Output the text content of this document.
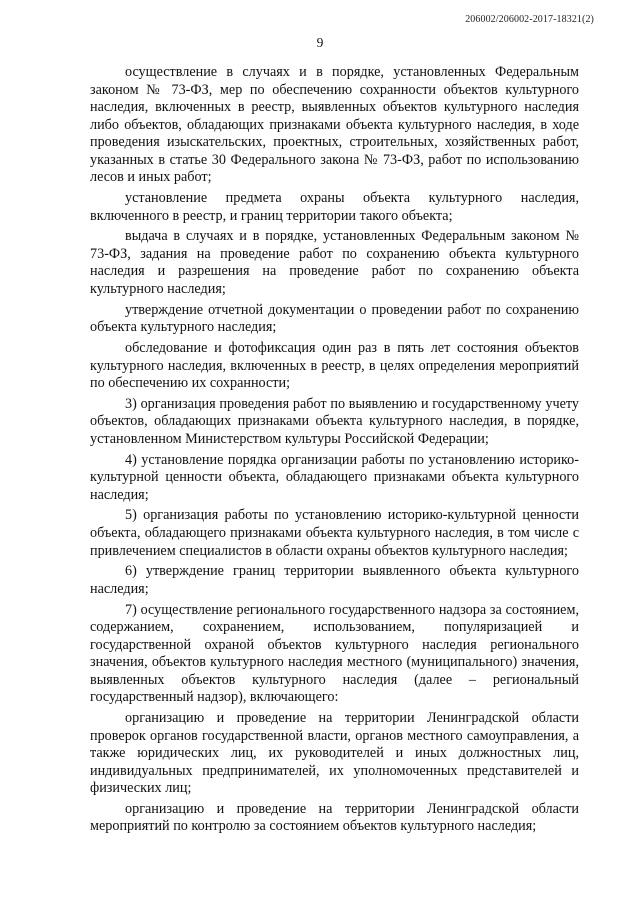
206002/206002-2017-18321(2)
9

осуществление в случаях и в порядке, установленных Федеральным законом № 73-ФЗ, мер по обеспечению сохранности объектов культурного наследия, включенных в реестр, выявленных объектов культурного наследия либо объектов, обладающих признаками объекта культурного наследия, в ходе проведения изыскательских, проектных, строительных, хозяйственных работ, указанных в статье 30 Федерального закона № 73-ФЗ, работ по использованию лесов и иных работ;

установление предмета охраны объекта культурного наследия, включенного в реестр, и границ территории такого объекта;

выдача в случаях и в порядке, установленных Федеральным законом № 73-ФЗ, задания на проведение работ по сохранению объекта культурного наследия и разрешения на проведение работ по сохранению объекта культурного наследия;

утверждение отчетной документации о проведении работ по сохранению объекта культурного наследия;

обследование и фотофиксация один раз в пять лет состояния объектов культурного наследия, включенных в реестр, в целях определения мероприятий по обеспечению их сохранности;

3) организация проведения работ по выявлению и государственному учету объектов, обладающих признаками объекта культурного наследия, в порядке, установленном Министерством культуры Российской Федерации;

4) установление порядка организации работы по установлению историко-культурной ценности объекта, обладающего признаками объекта культурного наследия;

5) организация работы по установлению историко-культурной ценности объекта, обладающего признаками объекта культурного наследия, в том числе с привлечением специалистов в области охраны объектов культурного наследия;

6) утверждение границ территории выявленного объекта культурного наследия;

7) осуществление регионального государственного надзора за состоянием, содержанием, сохранением, использованием, популяризацией и государственной охраной объектов культурного наследия регионального значения, объектов культурного наследия местного (муниципального) значения, выявленных объектов культурного наследия (далее – региональный государственный надзор), включающего:

организацию и проведение на территории Ленинградской области проверок органов государственной власти, органов местного самоуправления, а также юридических лиц, их руководителей и иных должностных лиц, индивидуальных предпринимателей, их уполномоченных представителей и физических лиц;

организацию и проведение на территории Ленинградской области мероприятий по контролю за состоянием объектов культурного наследия;
